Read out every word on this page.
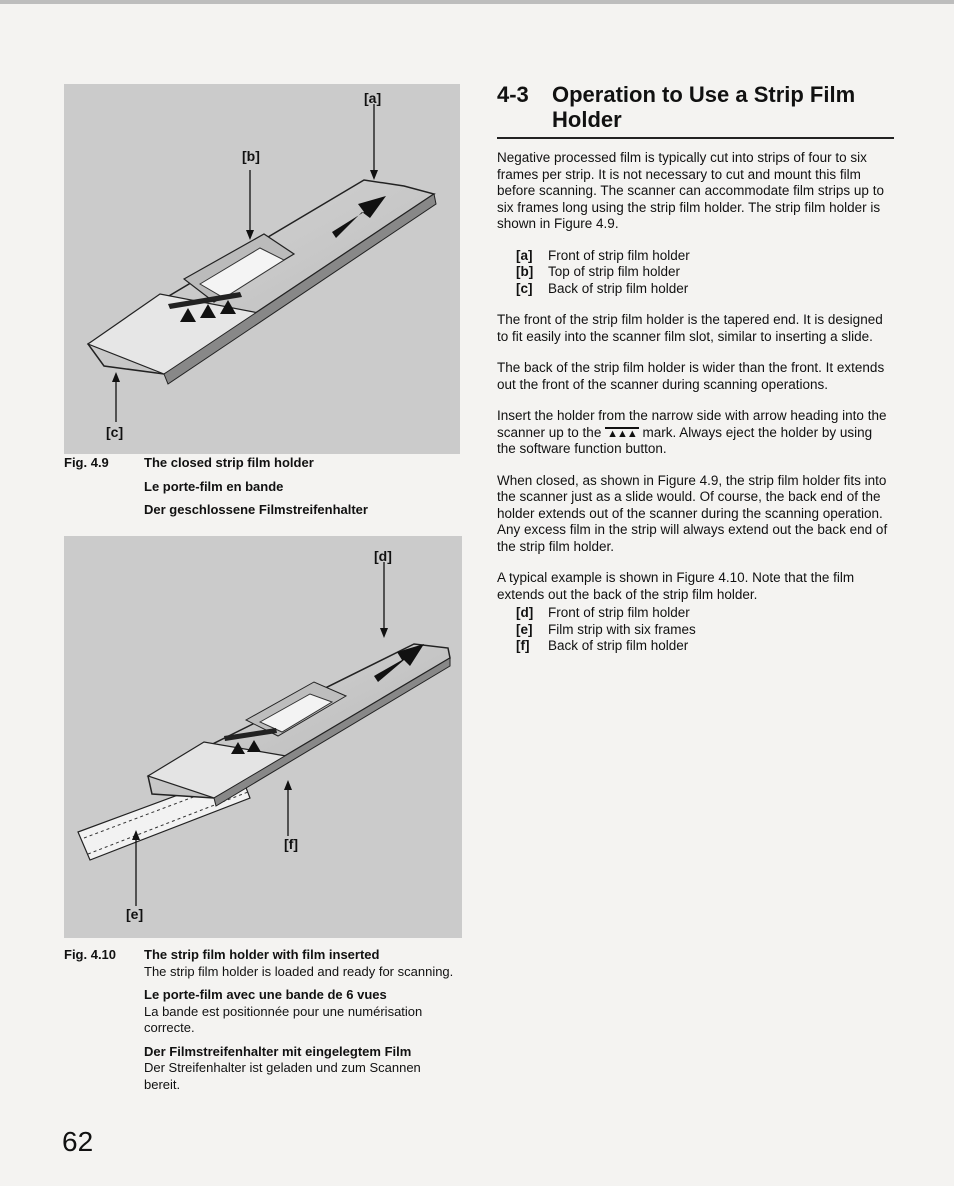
[a]
[b]
[c]
Fig. 4.9	The closed strip film holder
Le porte-film en bande
Der geschlossene Filmstreifenhalter
[d]
[e]
[f]
Fig. 4.10 The strip film holder with film inserted
The strip film holder is loaded and ready for scanning.
Le porte-film avec une bande de 6 vues
La bande est positionnée pour une numérisation correcte.
Der Filmstreifenhalter mit eingelegtem Film
Der Streifenhalter ist geladen und zum Scannen bereit.
4-3 Operation to Use a Strip Film Holder

Negative processed film is typically cut into strips of four to six frames per strip. It is not necessary to cut and mount this film before scanning. The scanner can accommodate film strips up to six frames long using the strip film holder. The strip film holder is shown in Figure 4.9.

[a]	Front of strip film holder
[b]	Top of strip film holder
[c]	Back of strip film holder

The front of the strip film holder is the tapered end. It is designed to fit easily into the scanner film slot, similar to inserting a slide.

The back of the strip film holder is wider than the front. It extends out the front of the scanner during scanning operations.

Insert the holder from the narrow side with arrow heading into the scanner up to the ▲▲▲ mark. Always eject the holder by using the software function button.

When closed, as shown in Figure 4.9, the strip film holder fits into the scanner just as a slide would. Of course, the back end of the holder extends out of the scanner during the scanning operation. Any excess film in the strip will always extend out the back end of the strip film holder.

A typical example is shown in Figure 4.10. Note that the film extends out the back of the strip film holder.

[d]	Front of strip film holder
[e]	Film strip with six frames
[f]	Back of strip film holder
62
